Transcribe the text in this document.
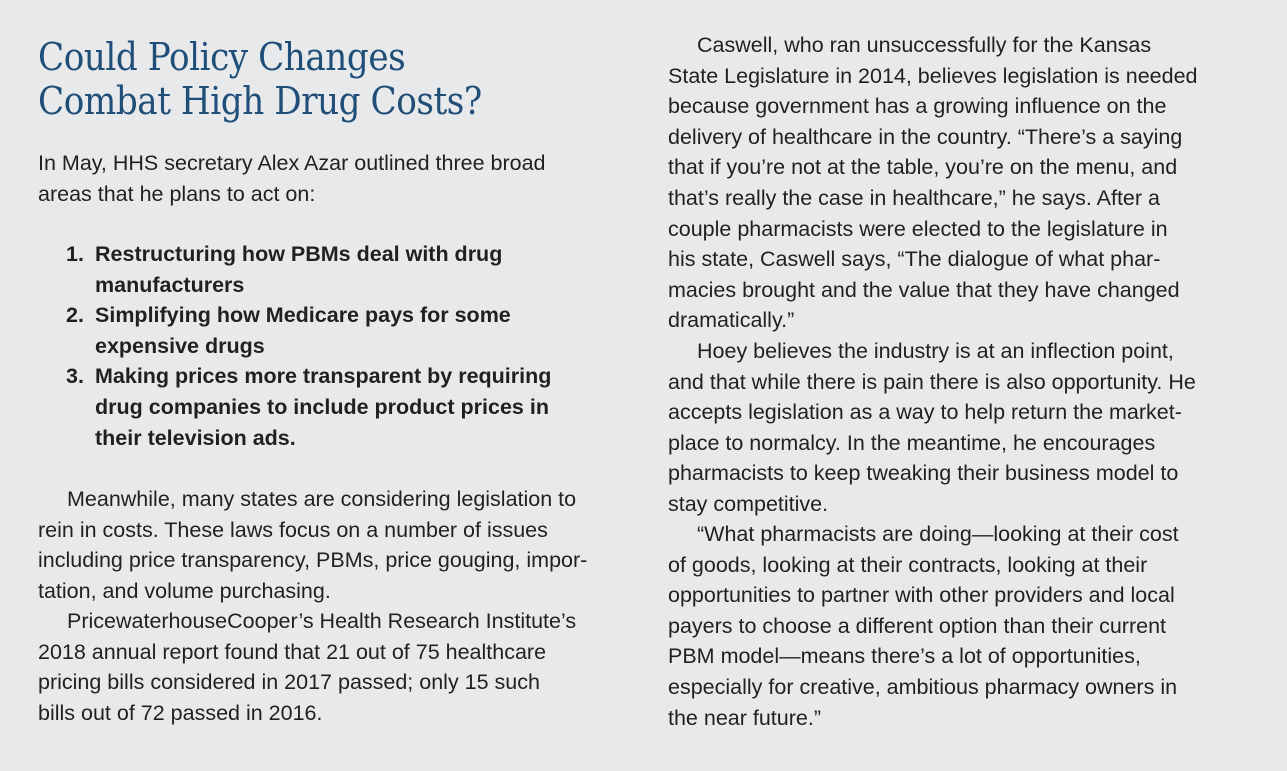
Could Policy Changes
Combat High Drug Costs?

In May, HHS secretary Alex Azar outlined three broad
areas that he plans to act on:

1. Restructuring how PBMs deal with drug
manufacturers
2. Simplifying how Medicare pays for some
expensive drugs
3. Making prices more transparent by requiring
drug companies to include product prices in
their television ads.

Meanwhile, many states are considering legislation to
rein in costs. These laws focus on a number of issues
including price transparency, PBMs, price gouging, impor-
tation, and volume purchasing.

PricewaterhouseCooper’s Health Research Institute’s
2018 annual report found that 21 out of 75 healthcare
pricing bills considered in 2017 passed; only 15 such
bills out of 72 passed in 2016.

Caswell, who ran unsuccessfully for the Kansas
State Legislature in 2014, believes legislation is needed
because government has a growing influence on the
delivery of healthcare in the country. “There’s a saying
that if you’re not at the table, you’re on the menu, and
that’s really the case in healthcare,” he says. After a
couple pharmacists were elected to the legislature in
his state, Caswell says, “The dialogue of what phar-
macies brought and the value that they have changed
dramatically.”

Hoey believes the industry is at an inflection point,
and that while there is pain there is also opportunity. He
accepts legislation as a way to help return the market-
place to normalcy. In the meantime, he encourages
pharmacists to keep tweaking their business model to
stay competitive.

“What pharmacists are doing—looking at their cost
of goods, looking at their contracts, looking at their
opportunities to partner with other providers and local
payers to choose a different option than their current
PBM model—means there’s a lot of opportunities,
especially for creative, ambitious pharmacy owners in
the near future.”
